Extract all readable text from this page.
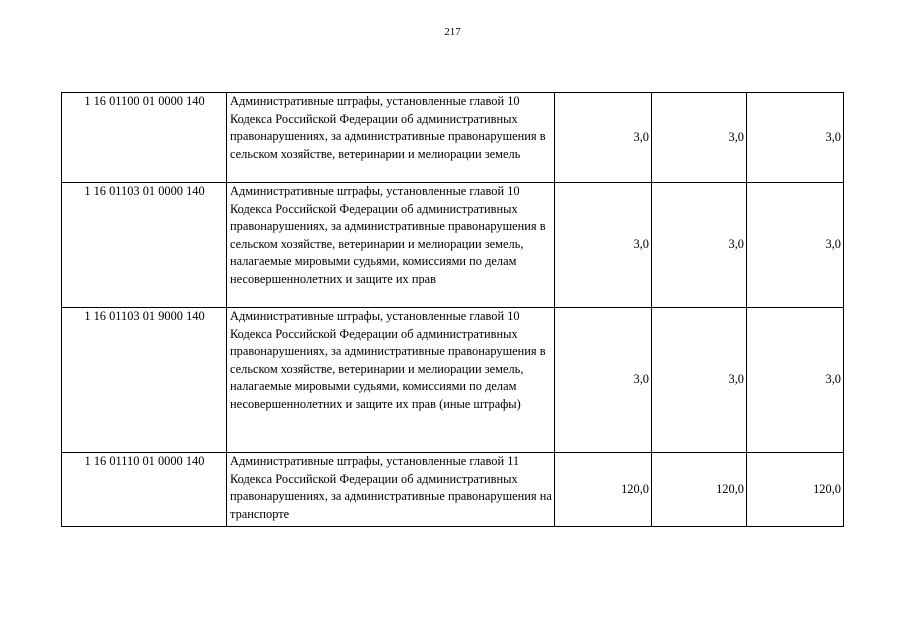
217
1 16 01100 01 0000 140	Административные штрафы, установленные главой 10 Кодекса Российской Федерации об административных правонарушениях, за административные правонарушения в сельском хозяйстве, ветеринарии и мелиорации земель	3,0	3,0	3,0
1 16 01103 01 0000 140	Административные штрафы, установленные главой 10 Кодекса Российской Федерации об административных правонарушениях, за административные правонарушения в сельском хозяйстве, ветеринарии и мелиорации земель, налагаемые мировыми судьями, комиссиями по делам несовершеннолетних и защите их прав	3,0	3,0	3,0
1 16 01103 01 9000 140	Административные штрафы, установленные главой 10 Кодекса Российской Федерации об административных правонарушениях, за административные правонарушения в сельском хозяйстве, ветеринарии и мелиорации земель, налагаемые мировыми судьями, комиссиями по делам несовершеннолетних и защите их прав (иные штрафы)	3,0	3,0	3,0
1 16 01110 01 0000 140	Административные штрафы, установленные главой 11 Кодекса Российской Федерации об административных правонарушениях, за административные правонарушения на транспорте	120,0	120,0	120,0
